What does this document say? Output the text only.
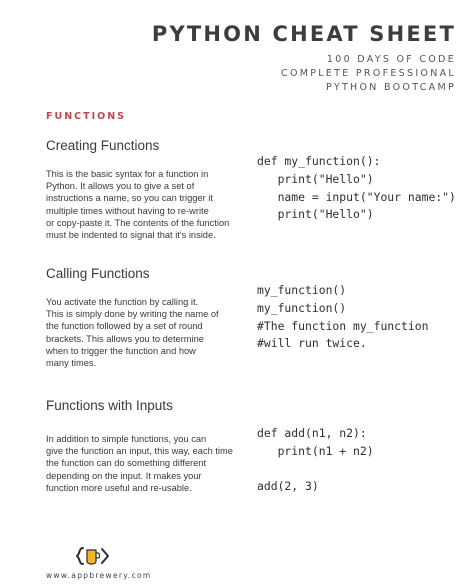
PYTHON CHEAT SHEET
100 DAYS OF CODE
COMPLETE PROFESSIONAL
PYTHON BOOTCAMP
FUNCTIONS
Creating Functions
This is the basic syntax for a function in
Python. It allows you to give a set of
instructions a name, so you can trigger it
multiple times without having to re-write
or copy-paste it. The contents of the function
must be indented to signal that it's inside.
def my_function():
print("Hello")
name = input("Your name:")
print("Hello")
Calling Functions
You activate the function by calling it.
This is simply done by writing the name of
the function followed by a set of round
brackets. This allows you to determine
when to trigger the function and how
many times.
my_function()
my_function()
#The function my_function
#will run twice.
Functions with Inputs
In addition to simple functions, you can
give the function an input, this way, each time
the function can do something different
depending on the input. It makes your
function more useful and re-usable.
def add(n1, n2):
print(n1 + n2)

add(2, 3)
www.appbrewery.com
